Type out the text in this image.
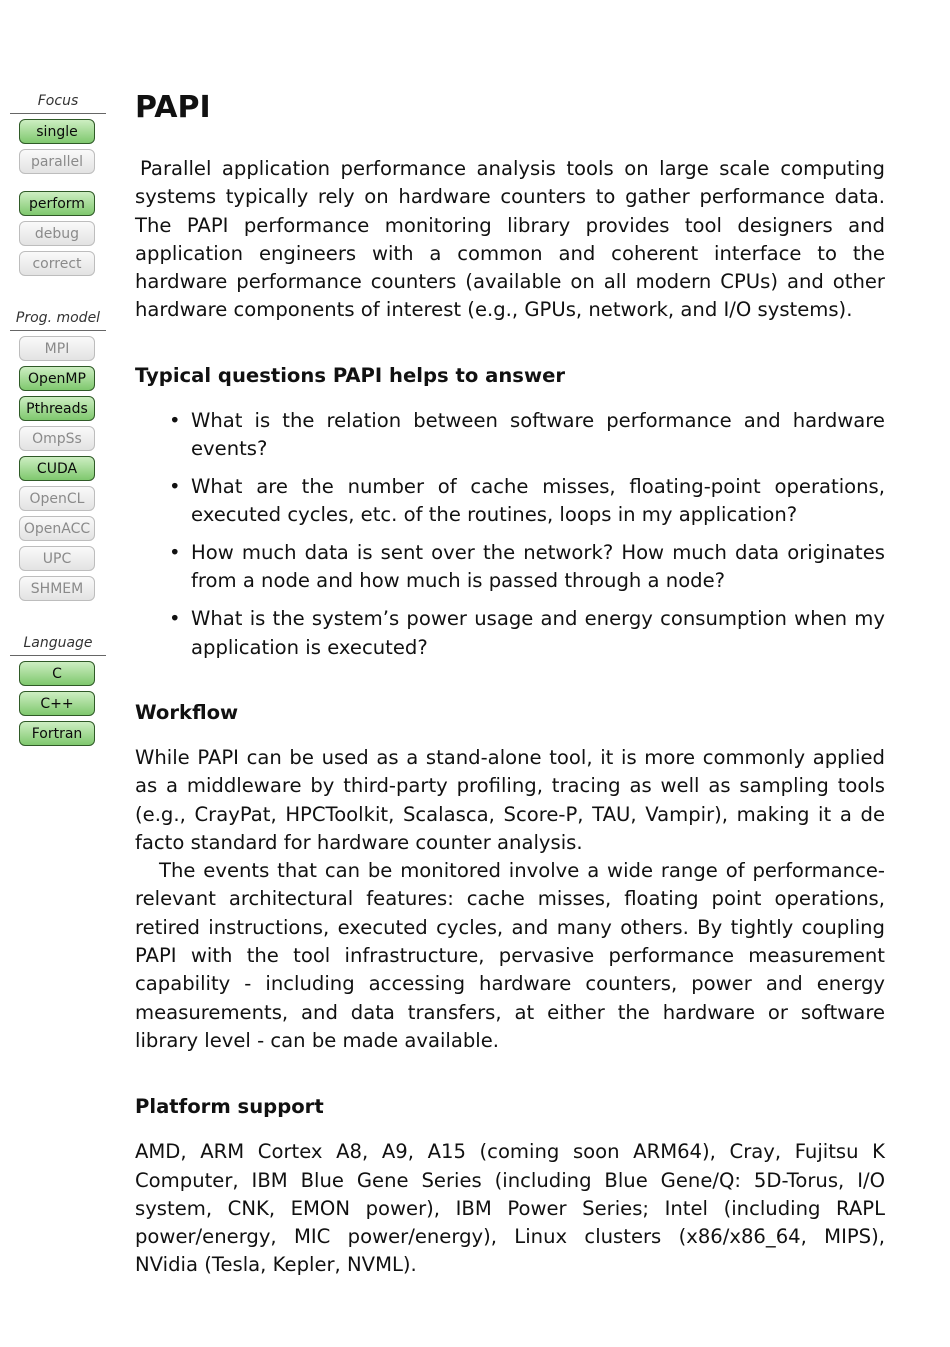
Focus
single
parallel
perform
debug
correct
Prog. model
MPI
OpenMP
Pthreads
OmpSs
CUDA
OpenCL
OpenACC
UPC
SHMEM
Language
C
C++
Fortran
PAPI

Parallel application performance analysis tools on large scale computing systems typically rely on hardware counters to gather performance data. The PAPI performance monitoring library provides tool designers and application engineers with a common and coherent interface to the hardware performance counters (available on all modern CPUs) and other hardware components of interest (e.g., GPUs, network, and I/O systems).

Typical questions PAPI helps to answer
• What is the relation between software performance and hardware events?
• What are the number of cache misses, floating-point operations, executed cycles, etc. of the routines, loops in my application?
• How much data is sent over the network? How much data originates from a node and how much is passed through a node?
• What is the system’s power usage and energy consumption when my application is executed?
Workflow

While PAPI can be used as a stand-alone tool, it is more commonly applied as a middleware by third-party profiling, tracing as well as sampling tools (e.g., CrayPat, HPCToolkit, Scalasca, Score-P, TAU, Vampir), making it a de facto standard for hardware counter analysis.

The events that can be monitored involve a wide range of performance-relevant architectural features: cache misses, floating point operations, retired instructions, executed cycles, and many others. By tightly coupling PAPI with the tool infrastructure, pervasive performance measurement capability - including accessing hardware counters, power and energy measurements, and data transfers, at either the hardware or software library level - can be made available.

Platform support

AMD, ARM Cortex A8, A9, A15 (coming soon ARM64), Cray, Fujitsu K Computer, IBM Blue Gene Series (including Blue Gene/Q: 5D-Torus, I/O system, CNK, EMON power), IBM Power Series; Intel (including RAPL power/energy, MIC power/energy), Linux clusters (x86/x86_64, MIPS), NVidia (Tesla, Kepler, NVML).
